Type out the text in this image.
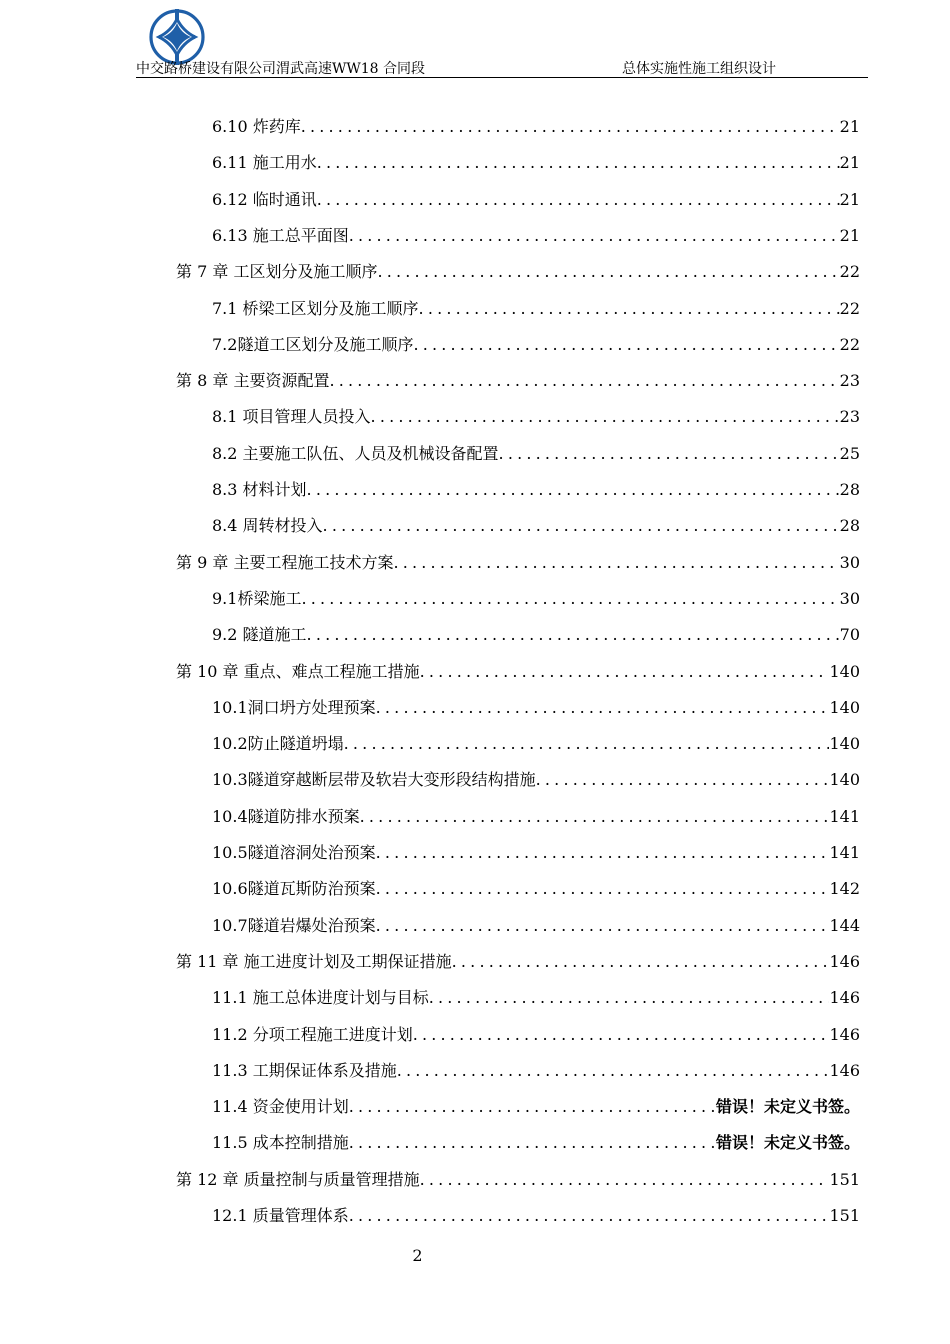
中交路桥建设有限公司渭武高速WW18 合同段	总体实施性施工组织设计
6.10 炸药库 . . .	21
6.11 施工用水 . . .	21
6.12 临时通讯 . . .	21
6.13 施工总平面图 . . .	21
第 7 章 工区划分及施工顺序 . . .	22
7.1 桥梁工区划分及施工顺序 . . .	22
7.2隧道工区划分及施工顺序 . . .	22
第 8 章 主要资源配置 . . .	23
8.1 项目管理人员投入 . . .	23
8.2 主要施工队伍、人员及机械设备配置 . . .	25
8.3 材料计划 . . .	28
8.4 周转材投入 . . .	28
第 9 章 主要工程施工技术方案 . . .	30
9.1桥梁施工 . . .	30
9.2 隧道施工 . . .	70
第 10 章 重点、难点工程施工措施 . . .	140
10.1洞口坍方处理预案 . . .	140
10.2防止隧道坍塌 . . .	140
10.3隧道穿越断层带及软岩大变形段结构措施 . . .	140
10.4隧道防排水预案 . . .	141
10.5隧道溶洞处治预案 . . .	141
10.6隧道瓦斯防治预案 . . .	142
10.7隧道岩爆处治预案 . . .	144
第 11 章 施工进度计划及工期保证措施 . . .	146
11.1 施工总体进度计划与目标 . . .	146
11.2 分项工程施工进度计划 . . .	146
11.3 工期保证体系及措施 . . .	146
11.4 资金使用计划 . . .	错误！未定义书签。
11.5 成本控制措施 . . .	错误！未定义书签。
第 12 章 质量控制与质量管理措施 . . .	151
12.1 质量管理体系 . . .	151
2
